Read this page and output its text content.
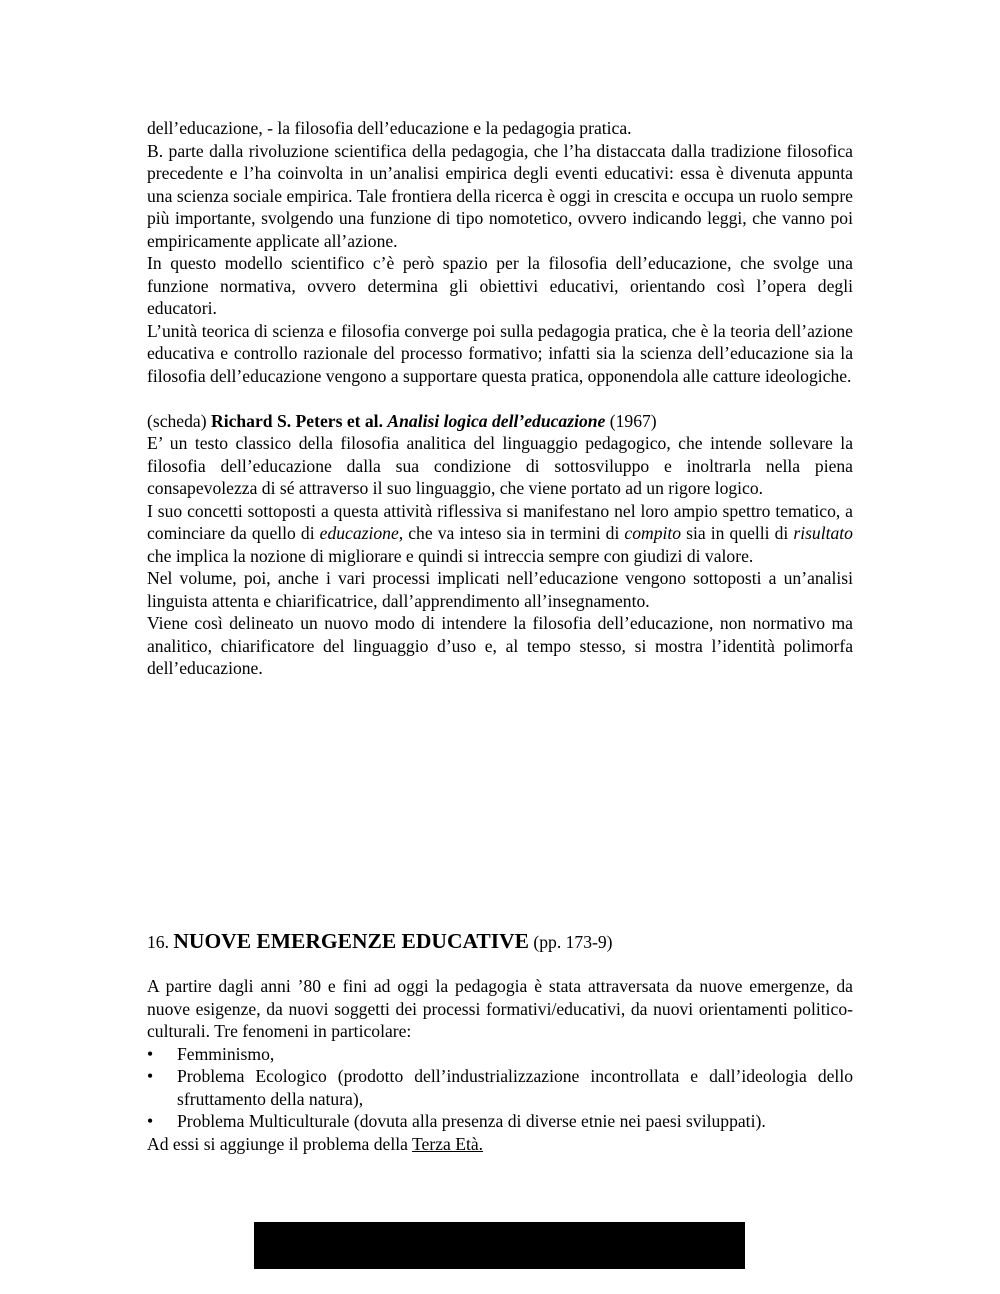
dell’educazione, - la filosofia dell’educazione e la pedagogia pratica.

B. parte dalla rivoluzione scientifica della pedagogia, che l’ha distaccata dalla tradizione filosofica precedente e l’ha coinvolta in un’analisi empirica degli eventi educativi: essa è divenuta appunta una scienza sociale empirica. Tale frontiera della ricerca è oggi in crescita e occupa un ruolo sempre più importante, svolgendo una funzione di tipo nomotetico, ovvero indicando leggi, che vanno poi empiricamente applicate all’azione.

In questo modello scientifico c’è però spazio per la filosofia dell’educazione, che svolge una funzione normativa, ovvero determina gli obiettivi educativi, orientando così l’opera degli educatori.

L’unità teorica di scienza e filosofia converge poi sulla pedagogia pratica, che è la teoria dell’azione educativa e controllo razionale del processo formativo; infatti sia la scienza dell’educazione sia la filosofia dell’educazione vengono a supportare questa pratica, opponendola alle catture ideologiche.

(scheda) Richard S. Peters et al. Analisi logica dell’educazione (1967)

E’ un testo classico della filosofia analitica del linguaggio pedagogico, che intende sollevare la filosofia dell’educazione dalla sua condizione di sottosviluppo e inoltrarla nella piena consapevolezza di sé attraverso il suo linguaggio, che viene portato ad un rigore logico.

I suo concetti sottoposti a questa attività riflessiva si manifestano nel loro ampio spettro tematico, a cominciare da quello di educazione, che va inteso sia in termini di compito sia in quelli di risultato che implica la nozione di migliorare e quindi si intreccia sempre con giudizi di valore.

Nel volume, poi, anche i vari processi implicati nell’educazione vengono sottoposti a un’analisi linguista attenta e chiarificatrice, dall’apprendimento all’insegnamento.

Viene così delineato un nuovo modo di intendere la filosofia dell’educazione, non normativo ma analitico, chiarificatore del linguaggio d’uso e, al tempo stesso, si mostra l’identità polimorfa dell’educazione.

16. NUOVE EMERGENZE EDUCATIVE (pp. 173-9)

A partire dagli anni ’80 e fini ad oggi la pedagogia è stata attraversata da nuove emergenze, da nuove esigenze, da nuovi soggetti dei processi formativi/educativi, da nuovi orientamenti politico-culturali. Tre fenomeni in particolare:

• Femminismo,
• Problema Ecologico (prodotto dell’industrializzazione incontrollata e dall’ideologia dello sfruttamento della natura),
• Problema Multiculturale (dovuta alla presenza di diverse etnie nei paesi sviluppati).

Ad essi si aggiunge il problema della Terza Età.
